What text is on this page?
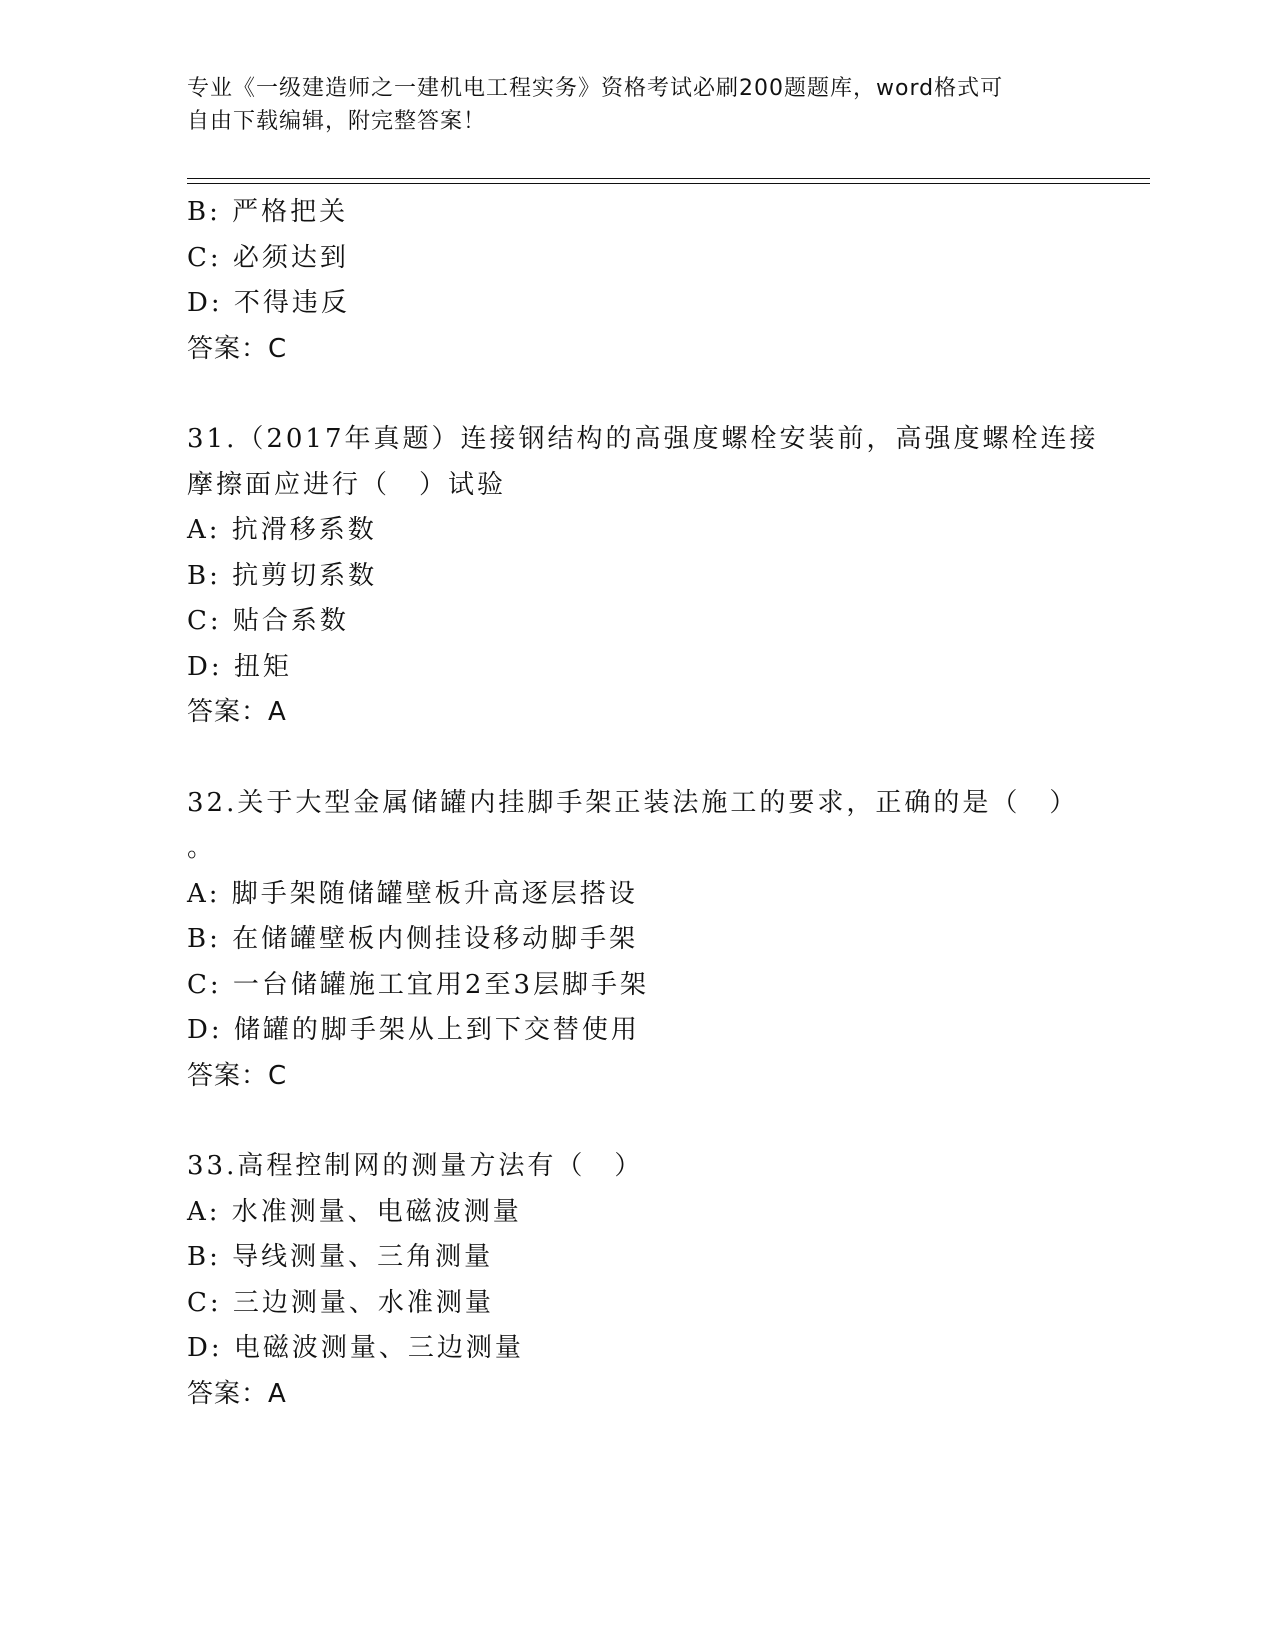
专业《一级建造师之一建机电工程实务》资格考试必刷200题题库，word格式可
自由下载编辑，附完整答案！
B: 严格把关
C: 必须达到
D: 不得违反
答案：C
31.（2017年真题）连接钢结构的高强度螺栓安装前，高强度螺栓连接
摩擦面应进行（　）试验
A: 抗滑移系数
B: 抗剪切系数
C: 贴合系数
D: 扭矩
答案：A
32.关于大型金属储罐内挂脚手架正装法施工的要求，正确的是（　）
。
A: 脚手架随储罐壁板升高逐层搭设
B: 在储罐壁板内侧挂设移动脚手架
C: 一台储罐施工宜用2至3层脚手架
D: 储罐的脚手架从上到下交替使用
答案：C
33.高程控制网的测量方法有（　）
A: 水准测量、电磁波测量
B: 导线测量、三角测量
C: 三边测量、水准测量
D: 电磁波测量、三边测量
答案：A
